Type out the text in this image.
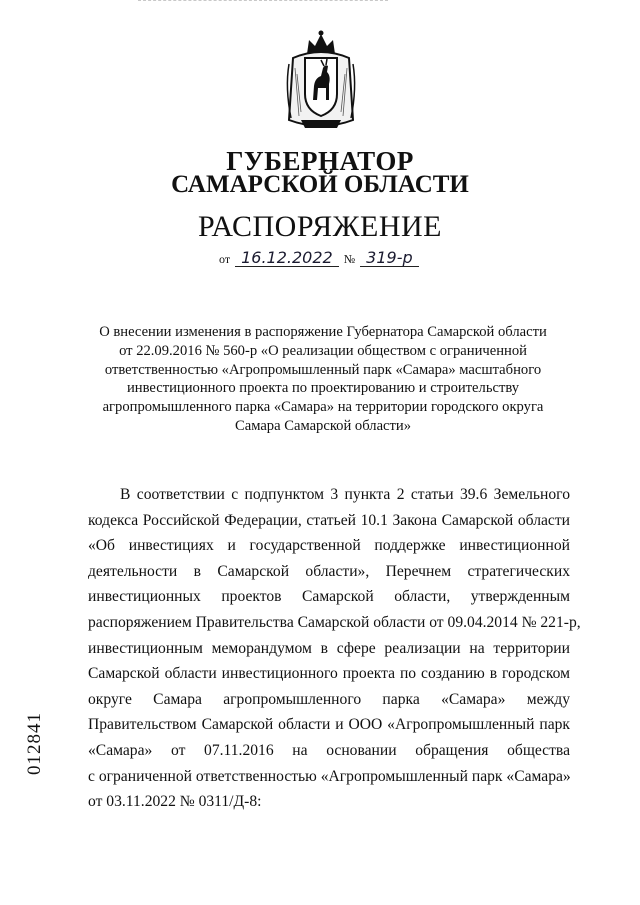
ГУБЕРНАТОР

САМАРСКОЙ ОБЛАСТИ

РАСПОРЯЖЕНИЕ
от 16.12.2022 № 319-р

О внесении изменения в распоряжение Губернатора Самарской области

от 22.09.2016 № 560-р «О реализации обществом с ограниченной

ответственностью «Агропромышленный парк «Самара» масштабного

инвестиционного проекта по проектированию и строительству

агропромышленного парка «Самара» на территории городского округа

Самара Самарской области»

В соответствии с подпунктом 3 пункта 2 статьи 39.6 Земельного
кодекса Российской Федерации, статьей 10.1 Закона Самарской области
«Об инвестициях и государственной поддержке инвестиционной
деятельности в Самарской области», Перечнем стратегических
инвестиционных проектов Самарской области, утвержденным
распоряжением Правительства Самарской области от 09.04.2014 № 221-р,
инвестиционным меморандумом в сфере реализации на территории
Самарской области инвестиционного проекта по созданию в городском
округе Самара агропромышленного парка «Самара» между
Правительством Самарской области и ООО «Агропромышленный парк
«Самара» от 07.11.2016 на основании обращения общества
с ограниченной ответственностью «Агропромышленный парк «Самара»
от 03.11.2022 № 0311/Д-8:
012841
